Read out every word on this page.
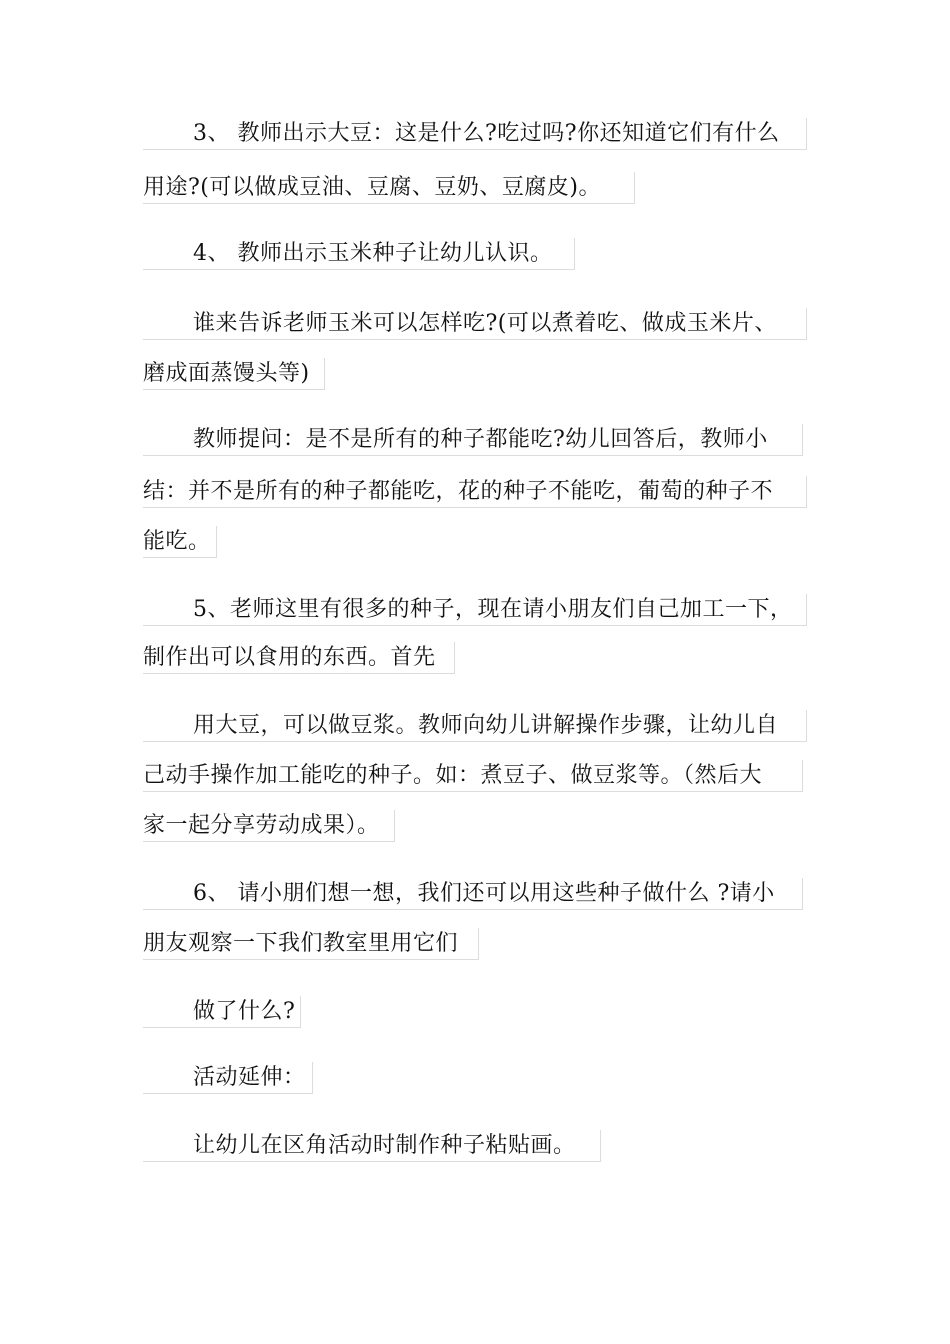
3、 教师出示大豆：这是什么?吃过吗?你还知道它们有什么
用途?(可以做成豆油、豆腐、豆奶、豆腐皮)。
4、 教师出示玉米种子让幼儿认识。
谁来告诉老师玉米可以怎样吃?(可以煮着吃、做成玉米片、
磨成面蒸馒头等)
教师提问：是不是所有的种子都能吃?幼儿回答后，教师小
结：并不是所有的种子都能吃，花的种子不能吃，葡萄的种子不
能吃。
5、老师这里有很多的种子，现在请小朋友们自己加工一下，
制作出可以食用的东西。首先
用大豆，可以做豆浆。教师向幼儿讲解操作步骤，让幼儿自
己动手操作加工能吃的种子。如：煮豆子、做豆浆等。（然后大
家一起分享劳动成果）。
6、 请小朋们想一想，我们还可以用这些种子做什么 ?请小
朋友观察一下我们教室里用它们
做了什么?
活动延伸：
让幼儿在区角活动时制作种子粘贴画。
